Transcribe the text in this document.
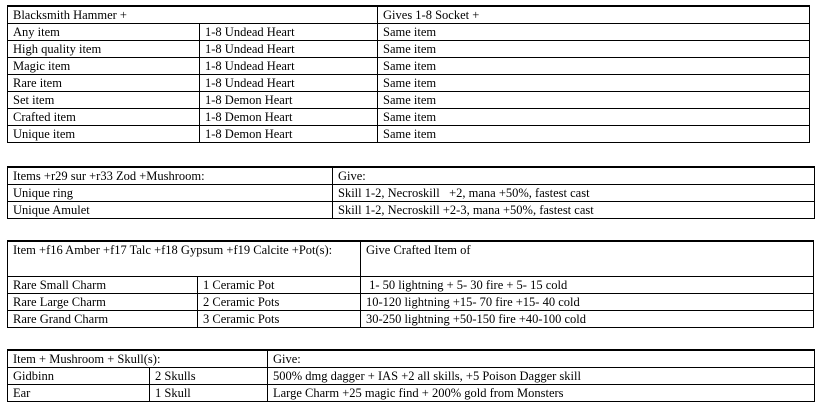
Blacksmith Hammer +		Gives 1-8 Socket +
Any item	1-8 Undead Heart	Same item
High quality item	1-8 Undead Heart	Same item
Magic item	1-8 Undead Heart	Same item
Rare item	1-8 Undead Heart	Same item
Set item	1-8 Demon Heart	Same item
Crafted item	1-8 Demon Heart	Same item
Unique item	1-8 Demon Heart	Same item
Items +r29 sur +r33 Zod +Mushroom:	Give:
Unique ring	Skill 1-2, Necroskill   +2, mana +50%, fastest cast
Unique Amulet	Skill 1-2, Necroskill +2-3, mana +50%, fastest cast
Item +f16 Amber +f17 Talc +f18 Gypsum +f19 Calcite +Pot(s):		Give Crafted Item of
Rare Small Charm	1 Ceramic Pot	1- 50 lightning + 5- 30 fire + 5- 15 cold
Rare Large Charm	2 Ceramic Pots	10-120 lightning +15- 70 fire +15- 40 cold
Rare Grand Charm	3 Ceramic Pots	30-250 lightning +50-150 fire +40-100 cold
Item + Mushroom + Skull(s):		Give:
Gidbinn	2 Skulls	500% dmg dagger + IAS +2 all skills, +5 Poison Dagger skill
Ear	1 Skull	Large Charm +25 magic find + 200% gold from Monsters
